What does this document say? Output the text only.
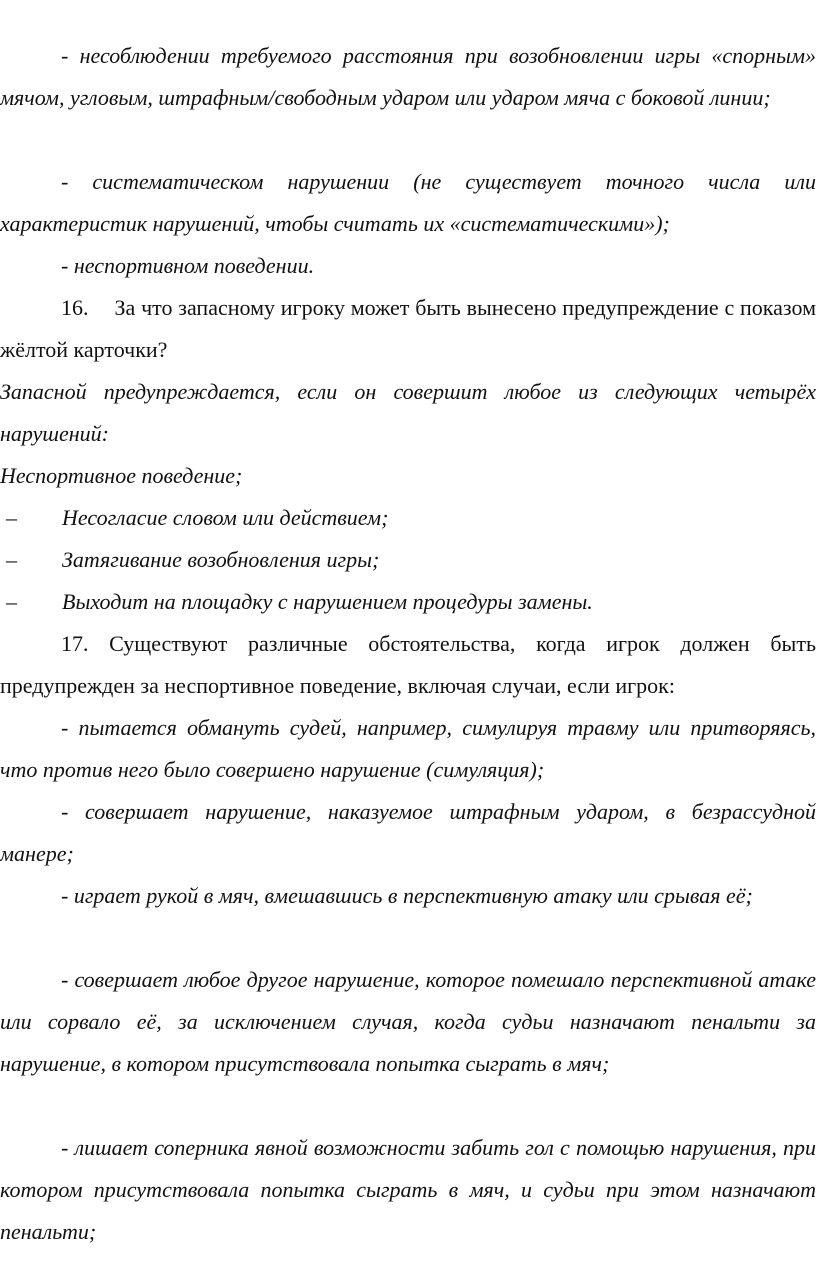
- несоблюдении требуемого расстояния при возобновлении игры «спорным» мячом, угловым, штрафным/свободным ударом или ударом мяча с боковой линии;

- систематическом нарушении (не существует точного числа или характеристик нарушений, чтобы считать их «систематическими»);

- неспортивном поведении.

16. За что запасному игроку может быть вынесено предупреждение с показом жёлтой карточки?

Запасной предупреждается, если он совершит любое из следующих четырёх нарушений:

Неспортивное поведение;
– Несогласие словом или действием;
– Затягивание возобновления игры;
– Выходит на площадку с нарушением процедуры замены.

17. Существуют различные обстоятельства, когда игрок должен быть предупрежден за неспортивное поведение, включая случаи, если игрок:

- пытается обмануть судей, например, симулируя травму или притворяясь, что против него было совершено нарушение (симуляция);

- совершает нарушение, наказуемое штрафным ударом, в безрассудной манере;

- играет рукой в мяч, вмешавшись в перспективную атаку или срывая её;

- совершает любое другое нарушение, которое помешало перспективной атаке или сорвало её, за исключением случая, когда судьи назначают пенальти за нарушение, в котором присутствовала попытка сыграть в мяч;

- лишает соперника явной возможности забить гол с помощью нарушения, при котором присутствовала попытка сыграть в мяч, и судьи при этом назначают пенальти;
